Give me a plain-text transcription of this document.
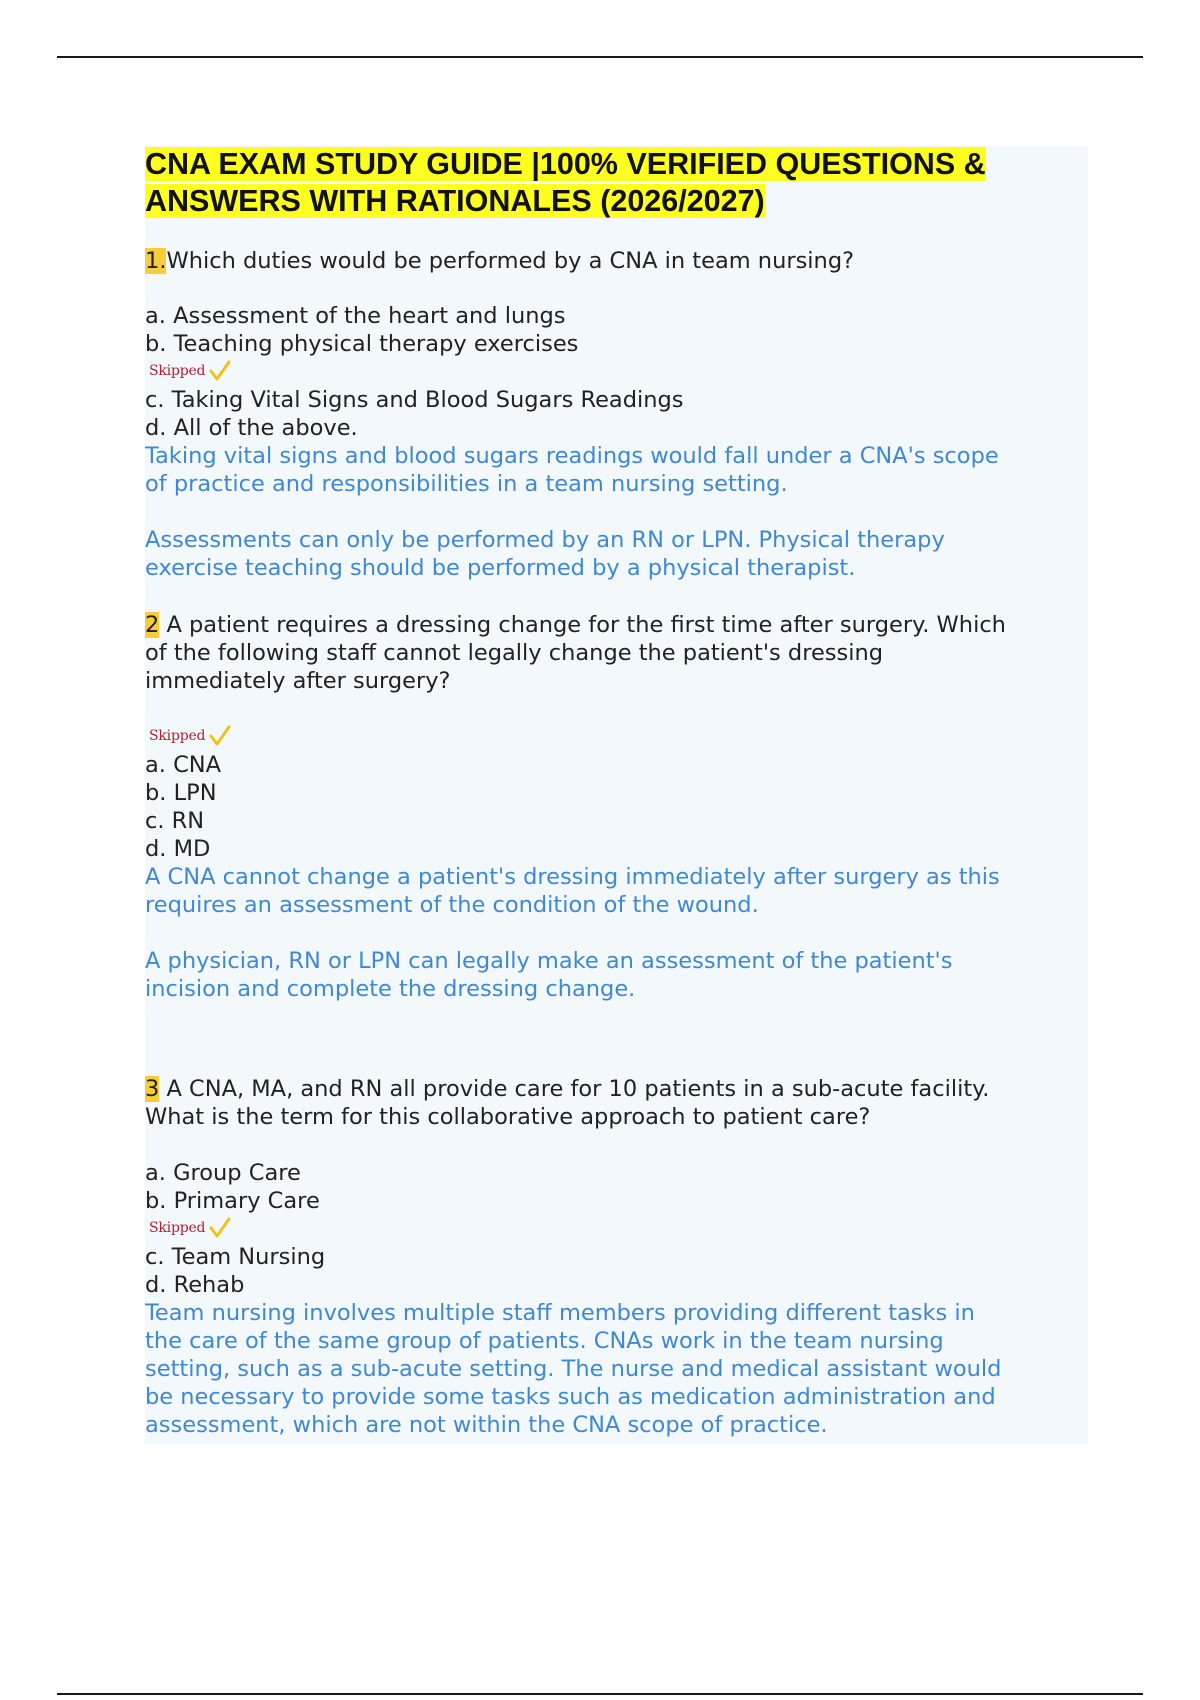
CNA EXAM STUDY GUIDE |100% VERIFIED QUESTIONS &
ANSWERS WITH RATIONALES (2026/2027)
1.Which duties would be performed by a CNA in team nursing?
a. Assessment of the heart and lungs
b. Teaching physical therapy exercises
Skipped
c. Taking Vital Signs and Blood Sugars Readings
d. All of the above.
Taking vital signs and blood sugars readings would fall under a CNA's scope
of practice and responsibilities in a team nursing setting.
Assessments can only be performed by an RN or LPN. Physical therapy
exercise teaching should be performed by a physical therapist.
2 A patient requires a dressing change for the first time after surgery. Which
of the following staff cannot legally change the patient's dressing
immediately after surgery?
Skipped
a. CNA
b. LPN
c. RN
d. MD
A CNA cannot change a patient's dressing immediately after surgery as this
requires an assessment of the condition of the wound.
A physician, RN or LPN can legally make an assessment of the patient's
incision and complete the dressing change.
3 A CNA, MA, and RN all provide care for 10 patients in a sub-acute facility.
What is the term for this collaborative approach to patient care?
a. Group Care
b. Primary Care
Skipped
c. Team Nursing
d. Rehab
Team nursing involves multiple staff members providing different tasks in
the care of the same group of patients. CNAs work in the team nursing
setting, such as a sub-acute setting. The nurse and medical assistant would
be necessary to provide some tasks such as medication administration and
assessment, which are not within the CNA scope of practice.
